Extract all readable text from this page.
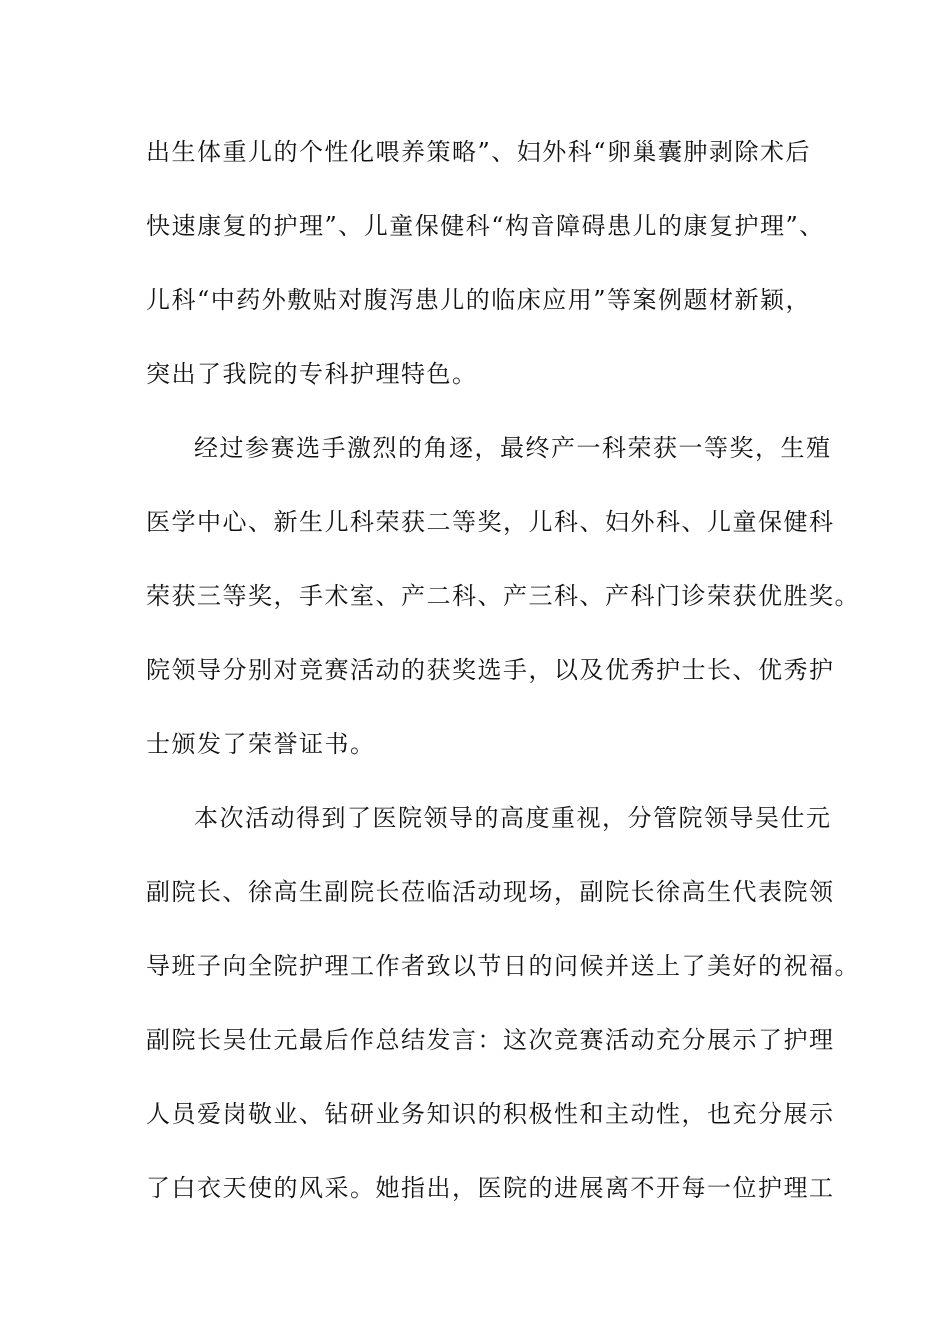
出生体重儿的个性化喂养策略”、妇外科“卵巢囊肿剥除术后
快速康复的护理”、儿童保健科“构音障碍患儿的康复护理”、
儿科“中药外敷贴对腹泻患儿的临床应用”等案例题材新颖，
突出了我院的专科护理特色。
经过参赛选手激烈的角逐，最终产一科荣获一等奖，生殖
医学中心、新生儿科荣获二等奖，儿科、妇外科、儿童保健科
荣获三等奖，手术室、产二科、产三科、产科门诊荣获优胜奖。
院领导分别对竞赛活动的获奖选手，以及优秀护士长、优秀护
士颁发了荣誉证书。
本次活动得到了医院领导的高度重视，分管院领导吴仕元
副院长、徐高生副院长莅临活动现场，副院长徐高生代表院领
导班子向全院护理工作者致以节日的问候并送上了美好的祝福。
副院长吴仕元最后作总结发言：这次竞赛活动充分展示了护理
人员爱岗敬业、钻研业务知识的积极性和主动性，也充分展示
了白衣天使的风采。她指出，医院的进展离不开每一位护理工
